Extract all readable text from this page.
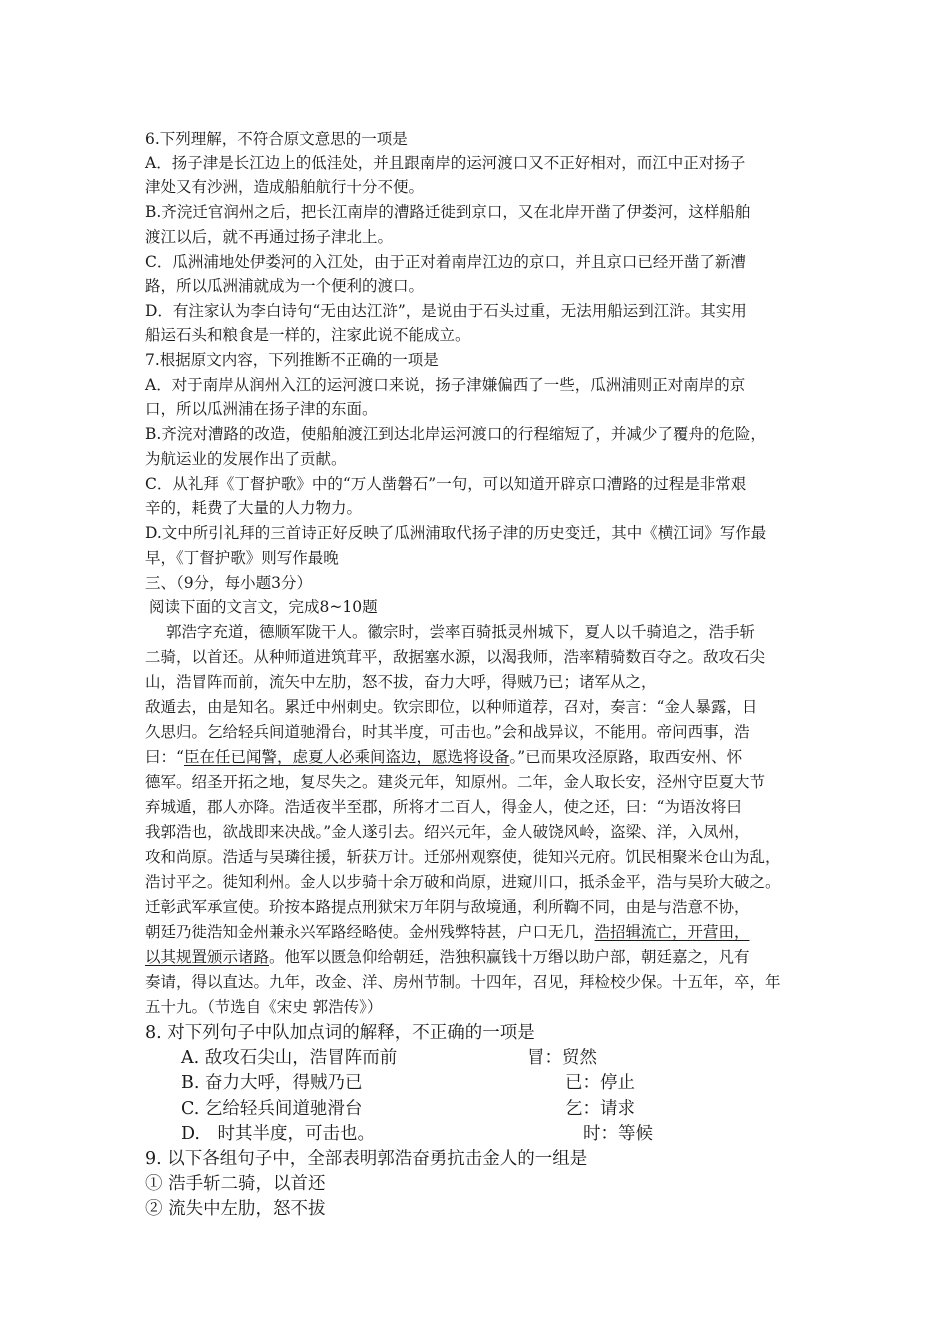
6.下列理解，不符合原文意思的一项是
A．扬子津是长江边上的低洼处，并且跟南岸的运河渡口又不正好相对，而江中正对扬子
津处又有沙洲，造成船舶航行十分不便。
B.齐浣迁官润州之后，把长江南岸的漕路迁徙到京口，又在北岸开凿了伊娄河，这样船舶
渡江以后，就不再通过扬子津北上。
C．瓜洲浦地处伊娄河的入江处，由于正对着南岸江边的京口，并且京口已经开凿了新漕
路，所以瓜洲浦就成为一个便利的渡口。
D．有注家认为李白诗句“无由达江浒”，是说由于石头过重，无法用船运到江浒。其实用
船运石头和粮食是一样的，注家此说不能成立。
7.根据原文内容，下列推断不正确的一项是
A．对于南岸从润州入江的运河渡口来说，扬子津嫌偏西了一些，瓜洲浦则正对南岸的京
口，所以瓜洲浦在扬子津的东面。
B.齐浣对漕路的改造，使船舶渡江到达北岸运河渡口的行程缩短了，并减少了覆舟的危险，
为航运业的发展作出了贡献。
C．从礼拜《丁督护歌》中的“万人凿磐石”一句，可以知道开辟京口漕路的过程是非常艰
辛的，耗费了大量的人力物力。
D.文中所引礼拜的三首诗正好反映了瓜洲浦取代扬子津的历史变迁，其中《横江词》写作最
早，《丁督护歌》则写作最晚
三、（9分，每小题3分）
阅读下面的文言文，完成8~10题
郭浩字充道，德顺军陇干人。徽宗时，尝率百骑抵灵州城下，夏人以千骑追之，浩手斩
二骑，以首还。从种师道进筑茸平，敌据塞水源，以渴我师，浩率精骑数百夺之。敌攻石尖
山，浩冒阵而前，流矢中左肋，怒不拔，奋力大呼，得贼乃已；诸军从之，
敌遁去，由是知名。累迁中州刺史。钦宗即位，以种师道荐，召对，奏言：“金人暴露，日
久思归。乞给轻兵间道驰滑台，时其半度，可击也。”会和战异议，不能用。帝问西事，浩
曰：“臣在任已闻警，虑夏人必乘间盗边，愿选将设备。”已而果攻泾原路，取西安州、怀
德军。绍圣开拓之地，复尽失之。建炎元年，知原州。二年，金人取长安，泾州守臣夏大节
弃城遁，郡人亦降。浩适夜半至郡，所将才二百人，得金人，使之还，曰：“为语汝将曰
我郭浩也，欲战即来决战。”金人遂引去。绍兴元年，金人破饶风岭，盗梁、洋，入凤州，
攻和尚原。浩适与吴璘往援，斩获万计。迁邠州观察使，徙知兴元府。饥民相聚米仓山为乱，
浩讨平之。徙知利州。金人以步骑十余万破和尚原，进窥川口，抵杀金平，浩与吴玠大破之。
迁彰武军承宣使。玠按本路提点刑狱宋万年阴与敌境通，利所鞫不同，由是与浩意不协，
朝廷乃徙浩知金州兼永兴军路经略使。金州残弊特甚，户口无几，浩招辑流亡，开营田，
以其规置颁示诸路。他军以匮急仰给朝廷，浩独积赢钱十万缗以助户部，朝廷嘉之，凡有
奏请，得以直达。九年，改金、洋、房州节制。十四年，召见，拜检校少保。十五年，卒，年
五十九。（节选自《宋史 郭浩传》）
8. 对下列句子中队加点词的解释，不正确的一项是
A. 敌攻石尖山，浩冒阵而前	冒：贸然
B. 奋力大呼，得贼乃已	已：停止
C. 乞给轻兵间道驰滑台	乞：请求
D.　时其半度，可击也。	时：等候
9. 以下各组句子中，全部表明郭浩奋勇抗击金人的一组是
① 浩手斩二骑，以首还
② 流失中左肋，怒不拔
